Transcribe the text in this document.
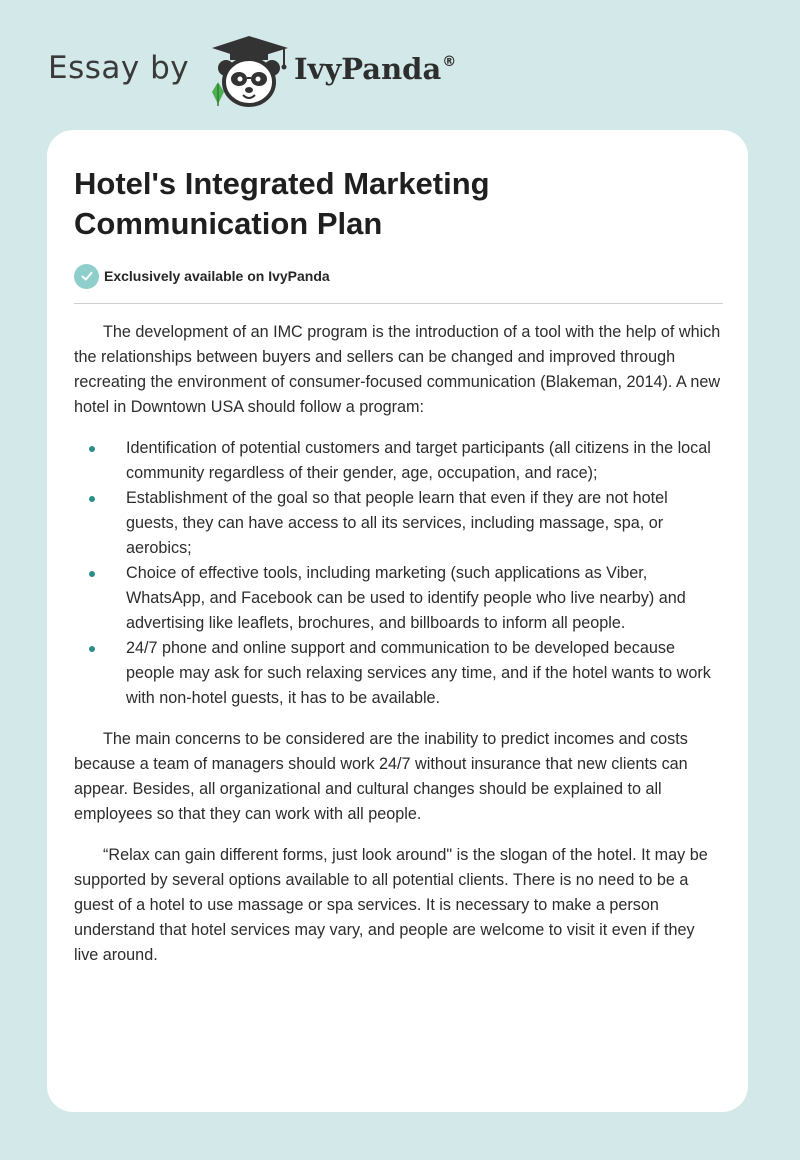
Essay by	IvyPanda®
Hotel's Integrated Marketing Communication Plan
Exclusively available on IvyPanda

The development of an IMC program is the introduction of a tool with the help of which the relationships between buyers and sellers can be changed and improved through recreating the environment of consumer-focused communication (Blakeman, 2014). A new hotel in Downtown USA should follow a program:

Identification of potential customers and target participants (all citizens in the local community regardless of their gender, age, occupation, and race);
Establishment of the goal so that people learn that even if they are not hotel guests, they can have access to all its services, including massage, spa, or aerobics;
Choice of effective tools, including marketing (such applications as Viber, WhatsApp, and Facebook can be used to identify people who live nearby) and advertising like leaflets, brochures, and billboards to inform all people.
24/7 phone and online support and communication to be developed because people may ask for such relaxing services any time, and if the hotel wants to work with non-hotel guests, it has to be available.

The main concerns to be considered are the inability to predict incomes and costs because a team of managers should work 24/7 without insurance that new clients can appear. Besides, all organizational and cultural changes should be explained to all employees so that they can work with all people.

“Relax can gain different forms, just look around" is the slogan of the hotel. It may be supported by several options available to all potential clients. There is no need to be a guest of a hotel to use massage or spa services. It is necessary to make a person understand that hotel services may vary, and people are welcome to visit it even if they live around.
